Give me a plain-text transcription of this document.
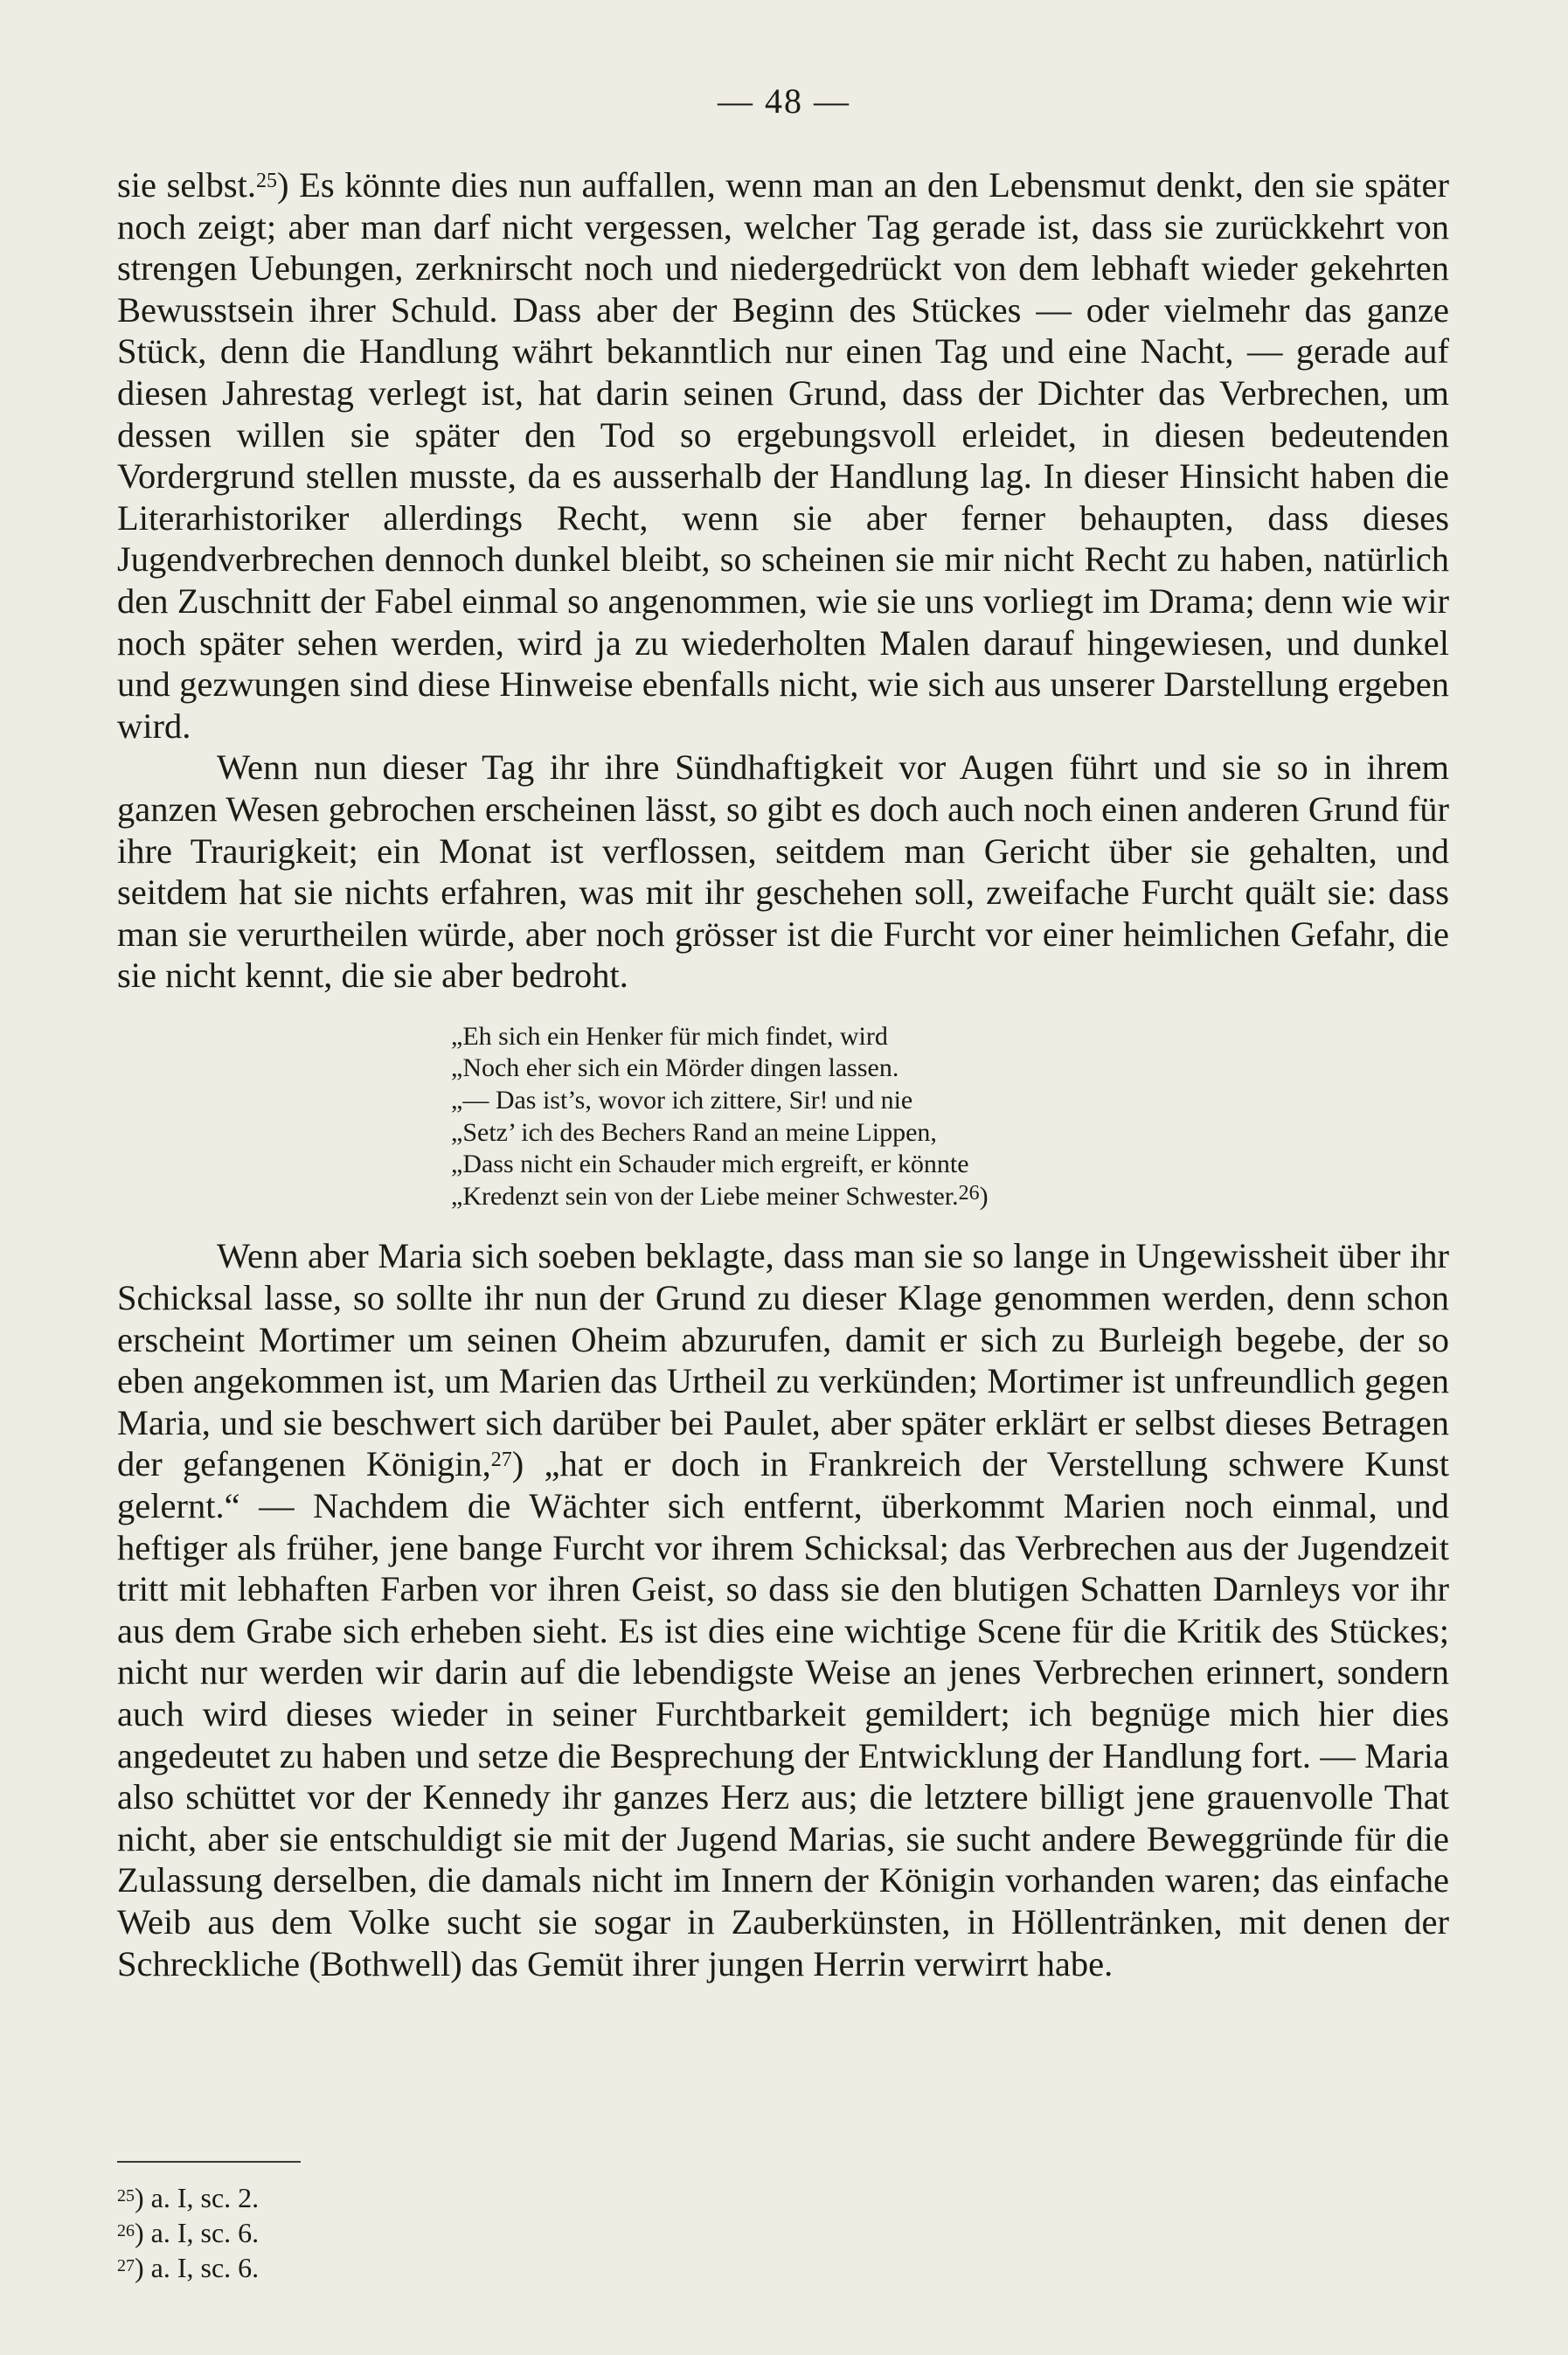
— 48 —

sie selbst.$^{25}$) Es könnte dies nun auffallen, wenn man an den Lebensmut denkt, den sie später noch zeigt; aber man darf nicht vergessen, welcher Tag gerade ist, dass sie zurückkehrt von strengen Uebungen, zerknirscht noch und niedergedrückt von dem lebhaft wieder gekehrten Bewusstsein ihrer Schuld. Dass aber der Beginn des Stückes — oder vielmehr das ganze Stück, denn die Handlung währt bekanntlich nur einen Tag und eine Nacht, — gerade auf diesen Jahrestag verlegt ist, hat darin seinen Grund, dass der Dichter das Verbrechen, um dessen willen sie später den Tod so ergebungsvoll erleidet, in diesen bedeutenden Vordergrund stellen musste, da es ausserhalb der Handlung lag. In dieser Hinsicht haben die Literarhistoriker allerdings Recht, wenn sie aber ferner behaupten, dass dieses Jugendverbrechen dennoch dunkel bleibt, so scheinen sie mir nicht Recht zu haben, natürlich den Zuschnitt der Fabel einmal so angenommen, wie sie uns vorliegt im Drama; denn wie wir noch später sehen werden, wird ja zu wiederholten Malen darauf hingewiesen, und dunkel und gezwungen sind diese Hinweise ebenfalls nicht, wie sich aus unserer Darstellung ergeben wird.

Wenn nun dieser Tag ihr ihre Sündhaftigkeit vor Augen führt und sie so in ihrem ganzen Wesen gebrochen erscheinen lässt, so gibt es doch auch noch einen anderen Grund für ihre Traurigkeit; ein Monat ist verflossen, seitdem man Gericht über sie gehalten, und seitdem hat sie nichts erfahren, was mit ihr geschehen soll, zweifache Furcht quält sie: dass man sie verurtheilen würde, aber noch grösser ist die Furcht vor einer heimlichen Gefahr, die sie nicht kennt, die sie aber bedroht.

„Eh sich ein Henker für mich findet, wird
„Noch eher sich ein Mörder dingen lassen.
„— Das ist’s, wovor ich zittere, Sir! und nie
„Setz’ ich des Bechers Rand an meine Lippen,
„Dass nicht ein Schauder mich ergreift, er könnte
„Kredenzt sein von der Liebe meiner Schwester.$^{26}$)

Wenn aber Maria sich soeben beklagte, dass man sie so lange in Ungewissheit über ihr Schicksal lasse, so sollte ihr nun der Grund zu dieser Klage genommen werden, denn schon erscheint Mortimer um seinen Oheim abzurufen, damit er sich zu Burleigh begebe, der so eben angekommen ist, um Marien das Urtheil zu verkünden; Mortimer ist unfreundlich gegen Maria, und sie beschwert sich darüber bei Paulet, aber später erklärt er selbst dieses Betragen der gefangenen Königin,$^{27}$) „hat er doch in Frankreich der Verstellung schwere Kunst gelernt.“ — Nachdem die Wächter sich entfernt, überkommt Marien noch einmal, und heftiger als früher, jene bange Furcht vor ihrem Schicksal; das Verbrechen aus der Jugendzeit tritt mit lebhaften Farben vor ihren Geist, so dass sie den blutigen Schatten Darnleys vor ihr aus dem Grabe sich erheben sieht. Es ist dies eine wichtige Scene für die Kritik des Stückes; nicht nur werden wir darin auf die lebendigste Weise an jenes Verbrechen erinnert, sondern auch wird dieses wieder in seiner Furchtbarkeit gemildert; ich begnüge mich hier dies angedeutet zu haben und setze die Besprechung der Entwicklung der Handlung fort. — Maria also schüttet vor der Kennedy ihr ganzes Herz aus; die letztere billigt jene grauenvolle That nicht, aber sie entschuldigt sie mit der Jugend Marias, sie sucht andere Beweggründe für die Zulassung derselben, die damals nicht im Innern der Königin vorhanden waren; das einfache Weib aus dem Volke sucht sie sogar in Zauberkünsten, in Höllentränken, mit denen der Schreckliche (Bothwell) das Gemüt ihrer jungen Herrin verwirrt habe.

$^{25}$) a. I, sc. 2.
$^{26}$) a. I, sc. 6.
$^{27}$) a. I, sc. 6.
